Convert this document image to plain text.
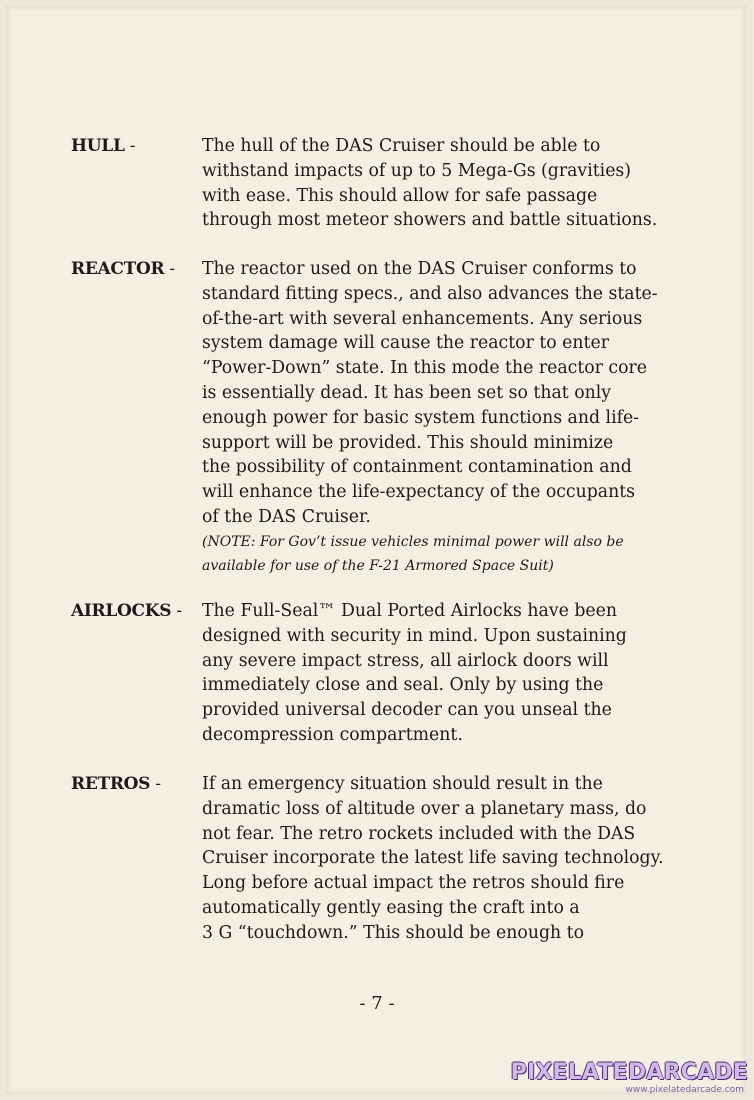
HULL -	The hull of the DAS Cruiser should be able to
withstand impacts of up to 5 Mega-Gs (gravities)
with ease. This should allow for safe passage
through most meteor showers and battle situations.
REACTOR - The reactor used on the DAS Cruiser conforms to
standard fitting specs., and also advances the state-
of-the-art with several enhancements. Any serious
system damage will cause the reactor to enter
“Power-Down” state. In this mode the reactor core
is essentially dead. It has been set so that only
enough power for basic system functions and life-
support will be provided. This should minimize
the possibility of containment contamination and
will enhance the life-expectancy of the occupants
of the DAS Cruiser.
(NOTE: For Gov’t issue vehicles minimal power will also be
available for use of the F-21 Armored Space Suit)
AIRLOCKS - The Full-Seal™ Dual Ported Airlocks have been
designed with security in mind. Upon sustaining
any severe impact stress, all airlock doors will
immediately close and seal. Only by using the
provided universal decoder can you unseal the
decompression compartment.
RETROS - If an emergency situation should result in the
dramatic loss of altitude over a planetary mass, do
not fear. The retro rockets included with the DAS
Cruiser incorporate the latest life saving technology.
Long before actual impact the retros should fire
automatically gently easing the craft into a
3 G “touchdown.” This should be enough to
- 7 -
PIXELATEDARCADE
www.pixelatedarcade.com
